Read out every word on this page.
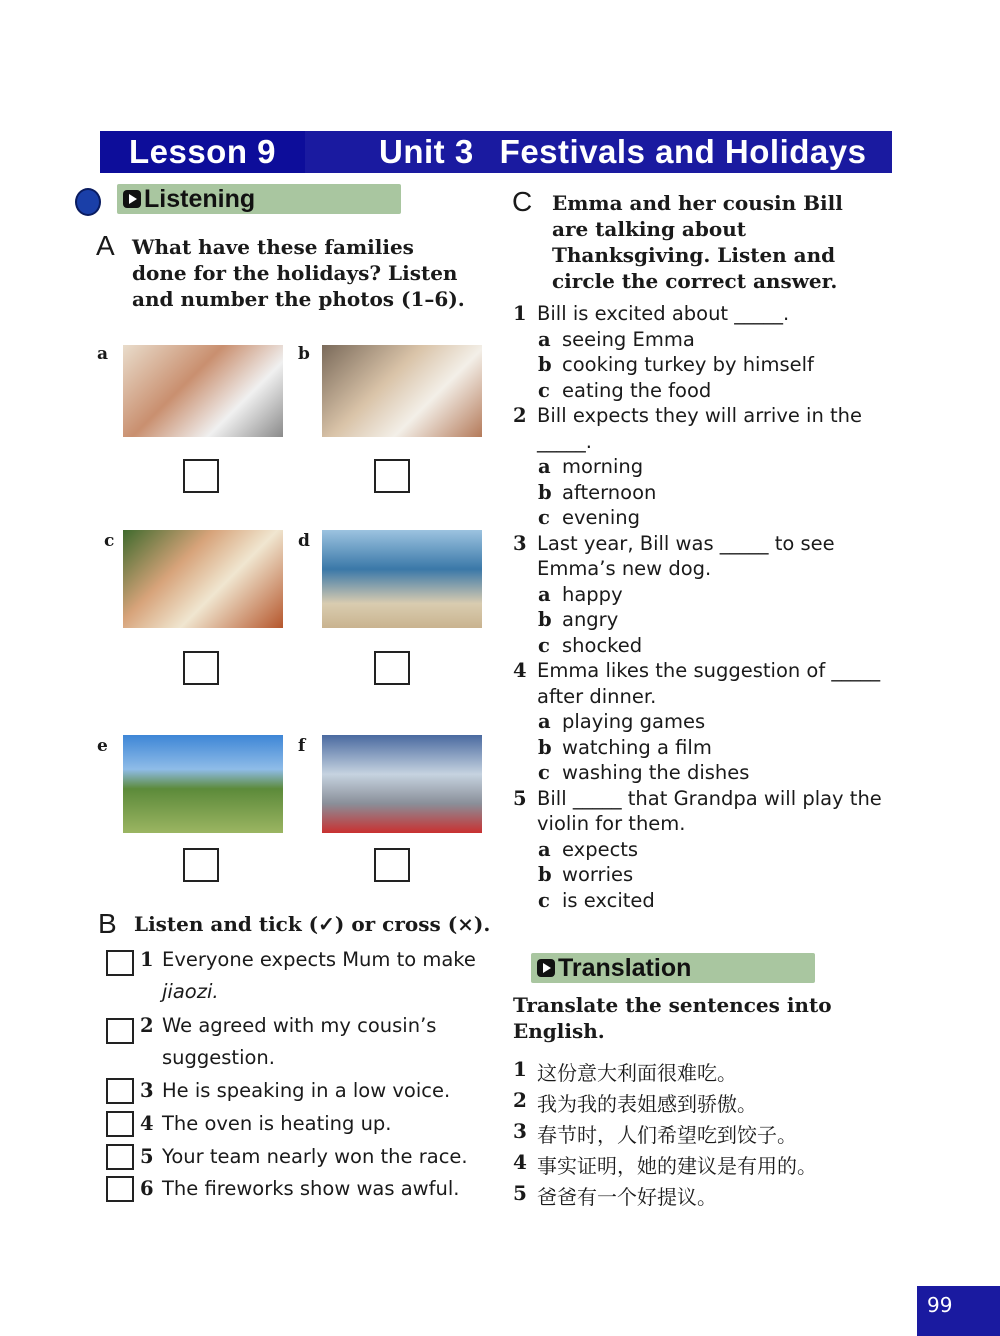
Lesson 9	Unit 3 Festivals and Holidays
Listening
A What have these families done for the holidays? Listen and number the photos (1–6).
a	b
c	d
e	f
B Listen and tick (✓) or cross (×).
1 Everyone expects Mum to make
jiaozi.
2 We agreed with my cousin’s
suggestion.
3 He is speaking in a low voice.
4 The oven is heating up.
5 Your team nearly won the race.
6 The fireworks show was awful.
C Emma and her cousin Bill are talking about Thanksgiving. Listen and circle the correct answer.
1 Bill is excited about _____.
a seeing Emma
b cooking turkey by himself
c eating the food
2 Bill expects they will arrive in the _____.
a morning
b afternoon
c evening
3 Last year, Bill was _____ to see Emma’s new dog.
a happy
b angry
c shocked
4 Emma likes the suggestion of _____ after dinner.
a playing games
b watching a film
c washing the dishes
5 Bill _____ that Grandpa will play the violin for them.
a expects
b worries
c is excited
Translation
Translate the sentences into English.
1 这份意大利面很难吃。
2 我为我的表姐感到骄傲。
3 春节时，人们希望吃到饺子。
4 事实证明，她的建议是有用的。
5 爸爸有一个好提议。
99
